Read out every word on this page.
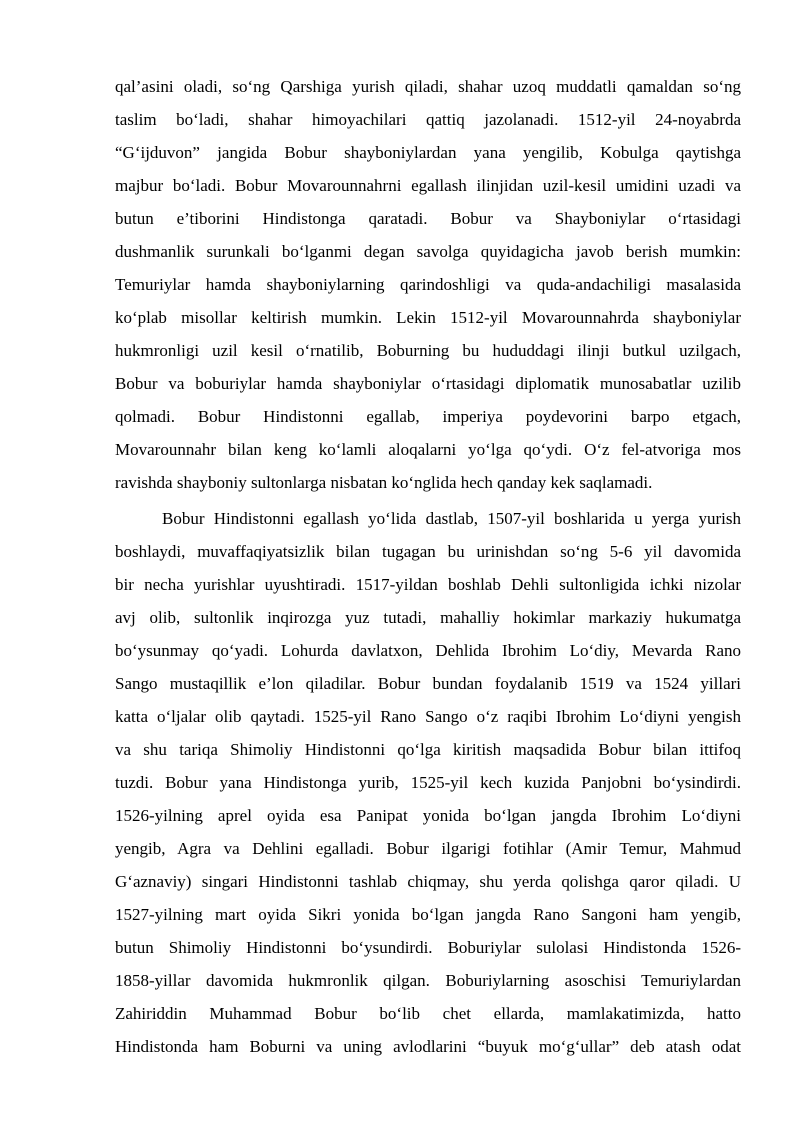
qal’asini oladi, so‘ng Qarshiga yurish qiladi, shahar uzoq muddatli qamaldan so‘ng
taslim bo‘ladi, shahar himoyachilari qattiq jazolanadi. 1512-yil 24-noyabrda
“G‘ijduvon” jangida Bobur shayboniylardan yana yengilib, Kobulga qaytishga
majbur bo‘ladi. Bobur Movarounnahrni egallash ilinjidan uzil-kesil umidini uzadi va
butun e’tiborini Hindistonga qaratadi. Bobur va Shayboniylar o‘rtasidagi
dushmanlik surunkali bo‘lganmi degan savolga quyidagicha javob berish mumkin:
Temuriylar hamda shayboniylarning qarindoshligi va quda-andachiligi masalasida
ko‘plab misollar keltirish mumkin. Lekin 1512-yil Movarounnahrda shayboniylar
hukmronligi uzil kesil o‘rnatilib, Boburning bu hududdagi ilinji butkul uzilgach,
Bobur va boburiylar hamda shayboniylar o‘rtasidagi diplomatik munosabatlar uzilib
qolmadi. Bobur Hindistonni egallab, imperiya poydevorini barpo etgach,
Movarounnahr bilan keng ko‘lamli aloqalarni yo‘lga qo‘ydi. O‘z fel-atvoriga mos
ravishda shayboniy sultonlarga nisbatan ko‘nglida hech qanday kek saqlamadi.
Bobur Hindistonni egallash yo‘lida dastlab, 1507-yil boshlarida u yerga yurish
boshlaydi, muvaffaqiyatsizlik bilan tugagan bu urinishdan so‘ng 5-6 yil davomida
bir necha yurishlar uyushtiradi. 1517-yildan boshlab Dehli sultonligida ichki nizolar
avj olib, sultonlik inqirozga yuz tutadi, mahalliy hokimlar markaziy hukumatga
bo‘ysunmay qo‘yadi. Lohurda davlatxon, Dehlida Ibrohim Lo‘diy, Mevarda Rano
Sango mustaqillik e’lon qiladilar. Bobur bundan foydalanib 1519 va 1524 yillari
katta o‘ljalar olib qaytadi. 1525-yil Rano Sango o‘z raqibi Ibrohim Lo‘diyni yengish
va shu tariqa Shimoliy Hindistonni qo‘lga kiritish maqsadida Bobur bilan ittifoq
tuzdi. Bobur yana Hindistonga yurib, 1525-yil kech kuzida Panjobni bo‘ysindirdi.
1526-yilning aprel oyida esa Panipat yonida bo‘lgan jangda Ibrohim Lo‘diyni
yengib, Agra va Dehlini egalladi. Bobur ilgarigi fotihlar (Amir Temur, Mahmud
G‘aznaviy) singari Hindistonni tashlab chiqmay, shu yerda qolishga qaror qiladi. U
1527-yilning mart oyida Sikri yonida bo‘lgan jangda Rano Sangoni ham yengib,
butun Shimoliy Hindistonni bo‘ysundirdi. Boburiylar sulolasi Hindistonda 1526-
1858-yillar davomida hukmronlik qilgan. Boburiylarning asoschisi Temuriylardan
Zahiriddin Muhammad Bobur bo‘lib chet ellarda, mamlakatimizda, hatto
Hindistonda ham Boburni va uning avlodlarini “buyuk mo‘g‘ullar” deb atash odat
